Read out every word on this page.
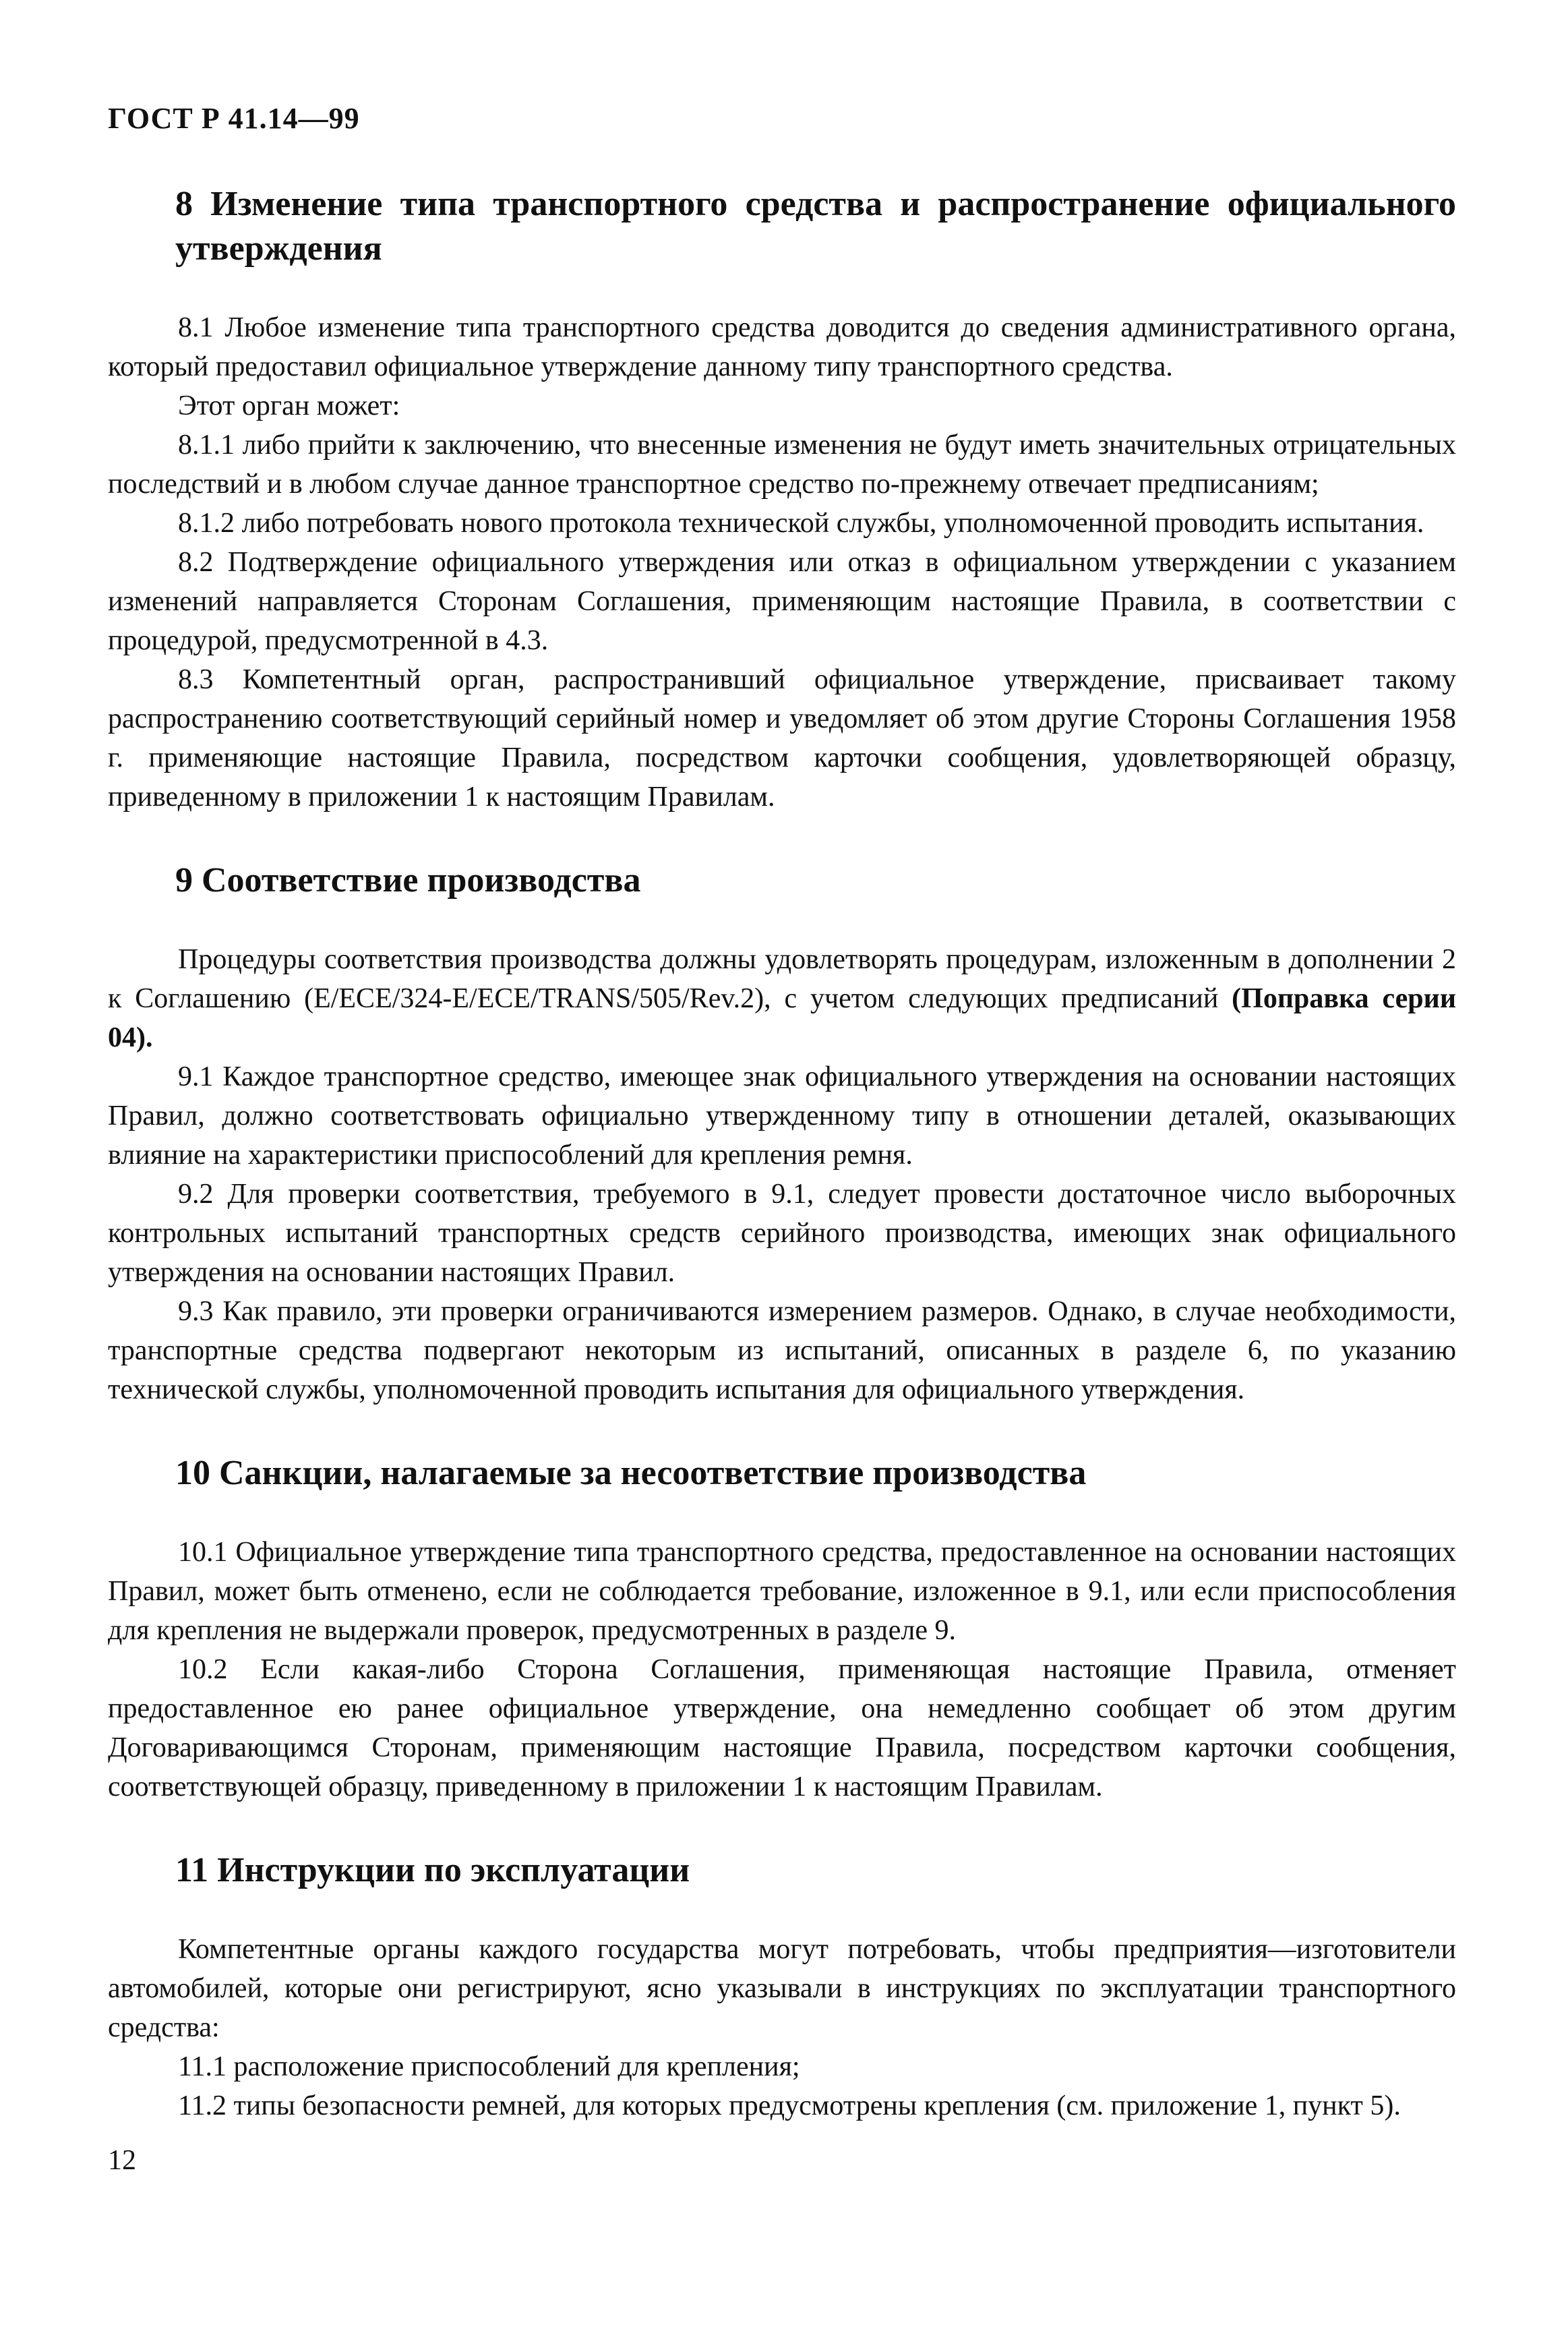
ГОСТ Р 41.14—99
8 Изменение типа транспортного средства и распространение официального утверждения

8.1 Любое изменение типа транспортного средства доводится до сведения административного органа, который предоставил официальное утверждение данному типу транспортного средства.

Этот орган может:

8.1.1 либо прийти к заключению, что внесенные изменения не будут иметь значительных отрицательных последствий и в любом случае данное транспортное средство по-прежнему отвечает предписаниям;

8.1.2 либо потребовать нового протокола технической службы, уполномоченной проводить испытания.

8.2 Подтверждение официального утверждения или отказ в официальном утверждении с указанием изменений направляется Сторонам Соглашения, применяющим настоящие Правила, в соответствии с процедурой, предусмотренной в 4.3.

8.3 Компетентный орган, распространивший официальное утверждение, присваивает такому распространению соответствующий серийный номер и уведомляет об этом другие Стороны Соглашения 1958 г. применяющие настоящие Правила, посредством карточки сообщения, удовлетворяющей образцу, приведенному в приложении 1 к настоящим Правилам.

9 Соответствие производства

Процедуры соответствия производства должны удовлетворять процедурам, изложенным в дополнении 2 к Соглашению (E/ECE/324-E/ECE/TRANS/505/Rev.2), с учетом следующих предписаний (Поправка серии 04).

9.1 Каждое транспортное средство, имеющее знак официального утверждения на основании настоящих Правил, должно соответствовать официально утвержденному типу в отношении деталей, оказывающих влияние на характеристики приспособлений для крепления ремня.

9.2 Для проверки соответствия, требуемого в 9.1, следует провести достаточное число выборочных контрольных испытаний транспортных средств серийного производства, имеющих знак официального утверждения на основании настоящих Правил.

9.3 Как правило, эти проверки ограничиваются измерением размеров. Однако, в случае необходимости, транспортные средства подвергают некоторым из испытаний, описанных в разделе 6, по указанию технической службы, уполномоченной проводить испытания для официального утверждения.

10 Санкции, налагаемые за несоответствие производства

10.1 Официальное утверждение типа транспортного средства, предоставленное на основании настоящих Правил, может быть отменено, если не соблюдается требование, изложенное в 9.1, или если приспособления для крепления не выдержали проверок, предусмотренных в разделе 9.

10.2 Если какая-либо Сторона Соглашения, применяющая настоящие Правила, отменяет предоставленное ею ранее официальное утверждение, она немедленно сообщает об этом другим Договаривающимся Сторонам, применяющим настоящие Правила, посредством карточки сообщения, соответствующей образцу, приведенному в приложении 1 к настоящим Правилам.

11 Инструкции по эксплуатации

Компетентные органы каждого государства могут потребовать, чтобы предприятия—изготовители автомобилей, которые они регистрируют, ясно указывали в инструкциях по эксплуатации транспортного средства:

11.1 расположение приспособлений для крепления;

11.2 типы безопасности ремней, для которых предусмотрены крепления (см. приложение 1, пункт 5).

12
